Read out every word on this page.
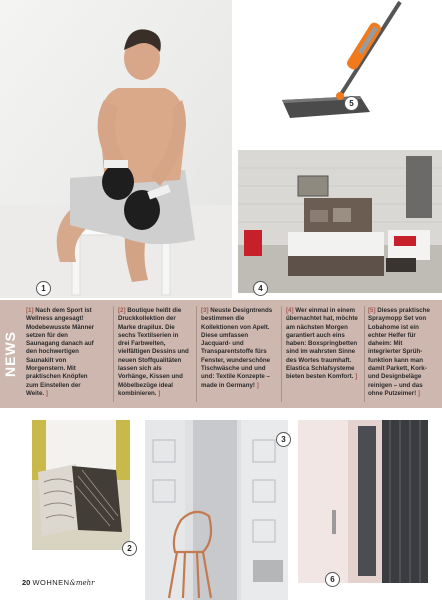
1
5
4
NEWS
[1] Nach dem Sport ist Wellness angesagt! Modebewusste Männer setzen für den Saunagang danach auf den hochwertigen Saunakilt von Morgenstern. Mit praktischen Knöpfen zum Einstellen der Weite. ]
[2] Boutique heißt die Druckkollektion der Marke drapilux. Die sechs Textilserien in drei Farbwelten, vielfältigen Dessins und neuen Stoffqualitäten lassen sich als Vorhänge, Kissen und Möbelbezüge ideal kombinieren. ]
[3] Neuste Designtrends bestimmen die Kollektionen von Apelt. Diese umfassen Jacquard- und Transparentstoffe fürs Fenster, wunderschöne Tischwäsche und und und: Textile Konzepte – made in Germany! ]
[4] Wer einmal in einem übernachtet hat, möchte am nächsten Morgen garantiert auch eins haben: Boxspringbetten sind im wahrsten Sinne des Wortes traumhaft. Elastica Schlafsysteme bieten besten Komfort. ]
[5] Dieses praktische Spraymopp Set von Lobahome ist ein echter Helfer für daheim: Mit integrierter Sprühfunktion kann man damit Parkett, Kork- und Designbeläge reinigen – und das ohne Putzeimer! ]
2
3
6
20 WOHNEN&mehr
